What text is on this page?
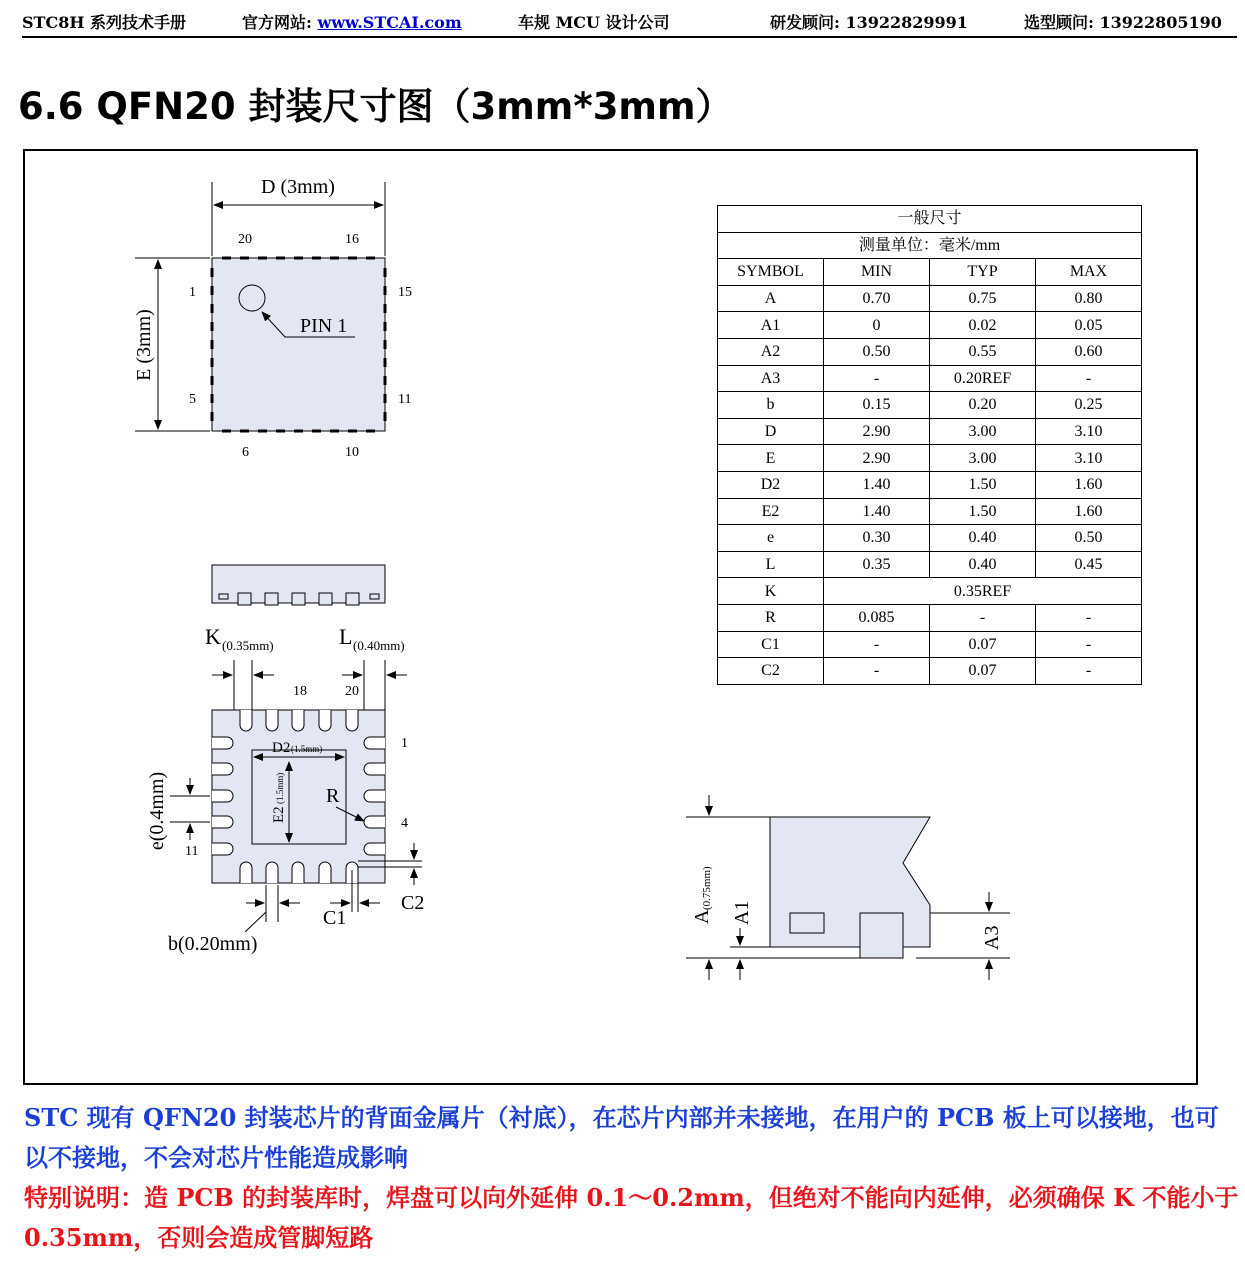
STC8H 系列技术手册	官方网站: www.STCAI.com	车规 MCU 设计公司	研发顾问: 13922829991	选型顾问: 13922805190
6.6 QFN20 封装尺寸图（3mm*3mm）
D (3mm)
E (3mm)	PIN 1
20	16
1	15
5	11
6	10
K (0.35mm)	L (0.40mm)
18	20
D2 (1.5mm)
E2
(1.5mm) R
1
4
e(0.4mm)
11
b(0.20mm)
C1
C2
A
(0.75mm)
A1
A3
一般尺寸			
测量单位：毫米/mm			
SYMBOL	MIN	TYP	MAX
A	0.70	0.75	0.80
A1	0	0.02	0.05
A2	0.50	0.55	0.60
A3	-	0.20REF	-
b	0.15	0.20	0.25
D	2.90	3.00	3.10
E	2.90	3.00	3.10
D2	1.40	1.50	1.60
E2	1.40	1.50	1.60
e	0.30	0.40	0.50
L	0.35	0.40	0.45
K	0.35REF		
R	0.085	-	-
C1	-	0.07	-
C2	-	0.07	-
STC 现有 QFN20 封装芯片的背面金属片（衬底），在芯片内部并未接地，在用户的 PCB 板上可以接地，也可以不接地，不会对芯片性能造成影响
特别说明：造 PCB 的封装库时，焊盘可以向外延伸 0.1～0.2mm，但绝对不能向内延伸，必须确保 K 不能小于 0.35mm，否则会造成管脚短路
